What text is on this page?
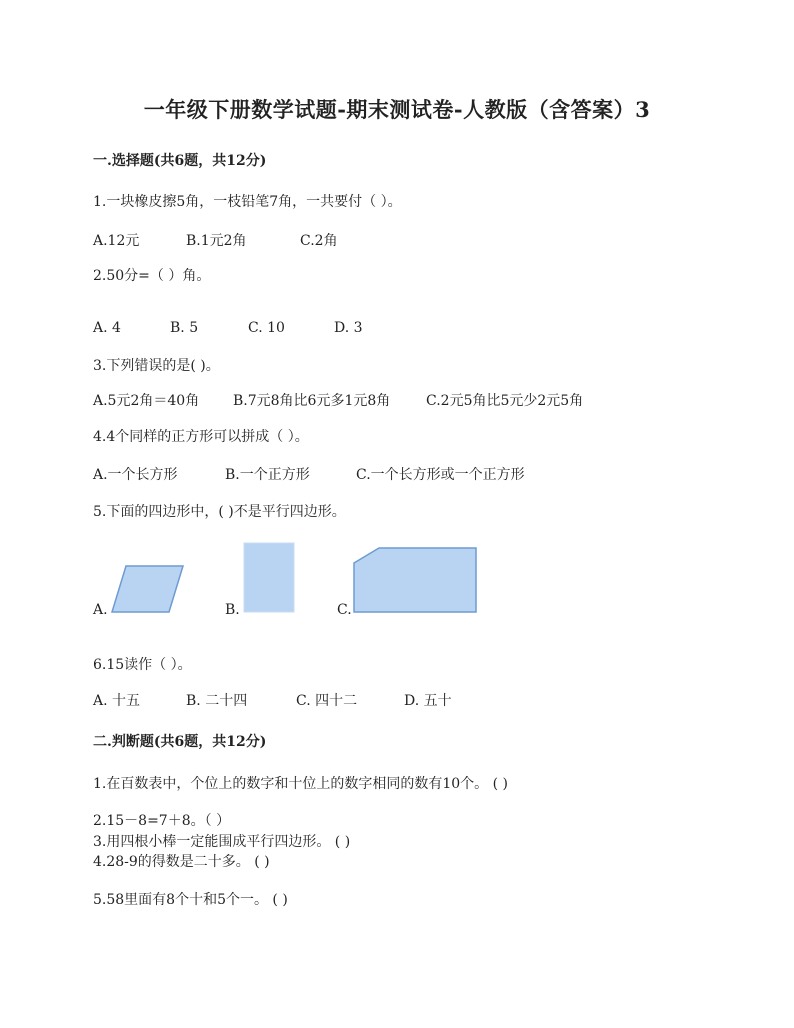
一年级下册数学试题-期末测试卷-人教版（含答案）3
一.选择题(共6题，共12分)
1.一块橡皮擦5角，一枝铅笔7角，一共要付（ ）。
A.12元	B.1元2角	C.2角
2.50分=（ ）角。
A. 4	B. 5	C. 10	D. 3
3.下列错误的是( )。
A.5元2角＝40角 B.7元8角比6元多1元8角	C.2元5角比5元少2元5角
4.4个同样的正方形可以拼成（ ）。
A.一个长方形	B.一个正方形	C.一个长方形或一个正方形
5.下面的四边形中，( )不是平行四边形。
A.	B.	C.
6.15读作（ ）。
A. 十五	B. 二十四	C. 四十二	D. 五十
二.判断题(共6题，共12分)
1.在百数表中，个位上的数字和十位上的数字相同的数有10个。 ( )
2.15－8=7＋8。（ ）
3.用四根小棒一定能围成平行四边形。 ( )
4.28-9的得数是二十多。 ( )
5.58里面有8个十和5个一。 ( )
